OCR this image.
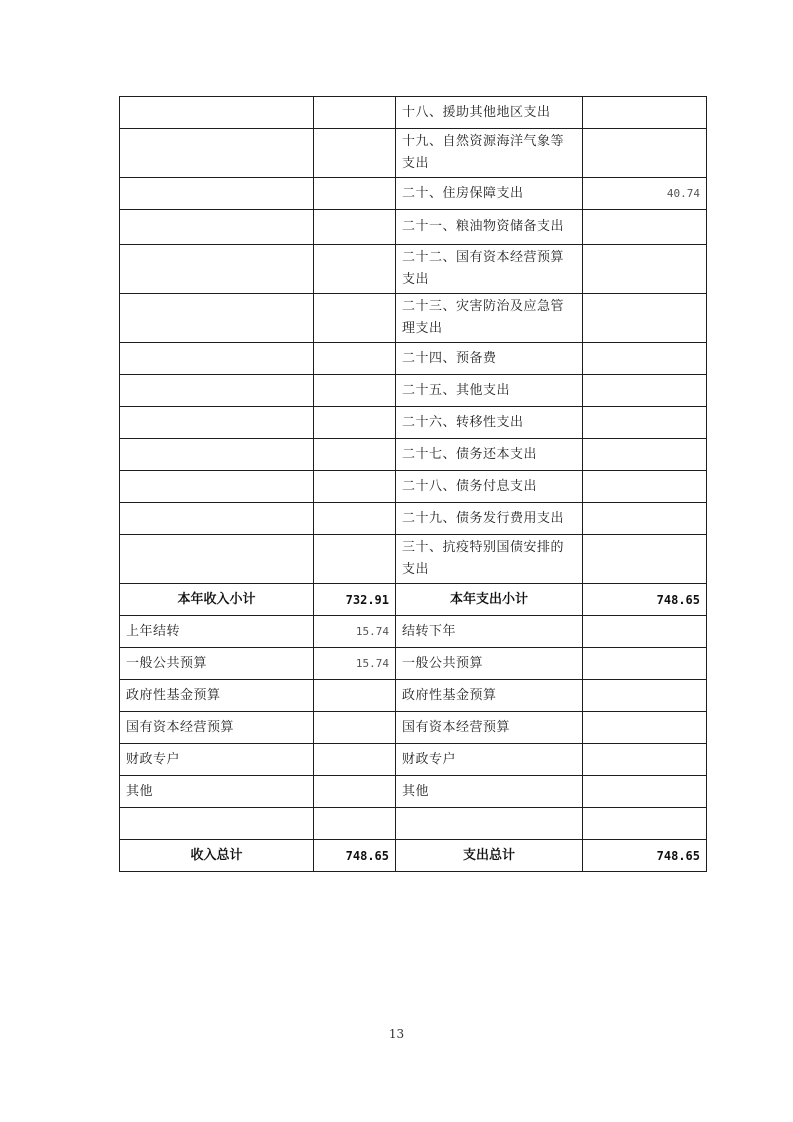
		十八、援助其他地区支出	
		十九、自然资源海洋气象等支出	
		二十、住房保障支出	40.74
		二十一、粮油物资储备支出	
		二十二、国有资本经营预算支出	
		二十三、灾害防治及应急管理支出	
		二十四、预备费	
		二十五、其他支出	
		二十六、转移性支出	
		二十七、债务还本支出	
		二十八、债务付息支出	
		二十九、债务发行费用支出	
		三十、抗疫特别国债安排的支出	
本年收入小计	732.91	本年支出小计	748.65
上年结转	15.74	结转下年	
一般公共预算	15.74	一般公共预算	
政府性基金预算		政府性基金预算	
国有资本经营预算		国有资本经营预算	
财政专户		财政专户	
其他		其他	

收入总计	748.65	支出总计	748.65
13
